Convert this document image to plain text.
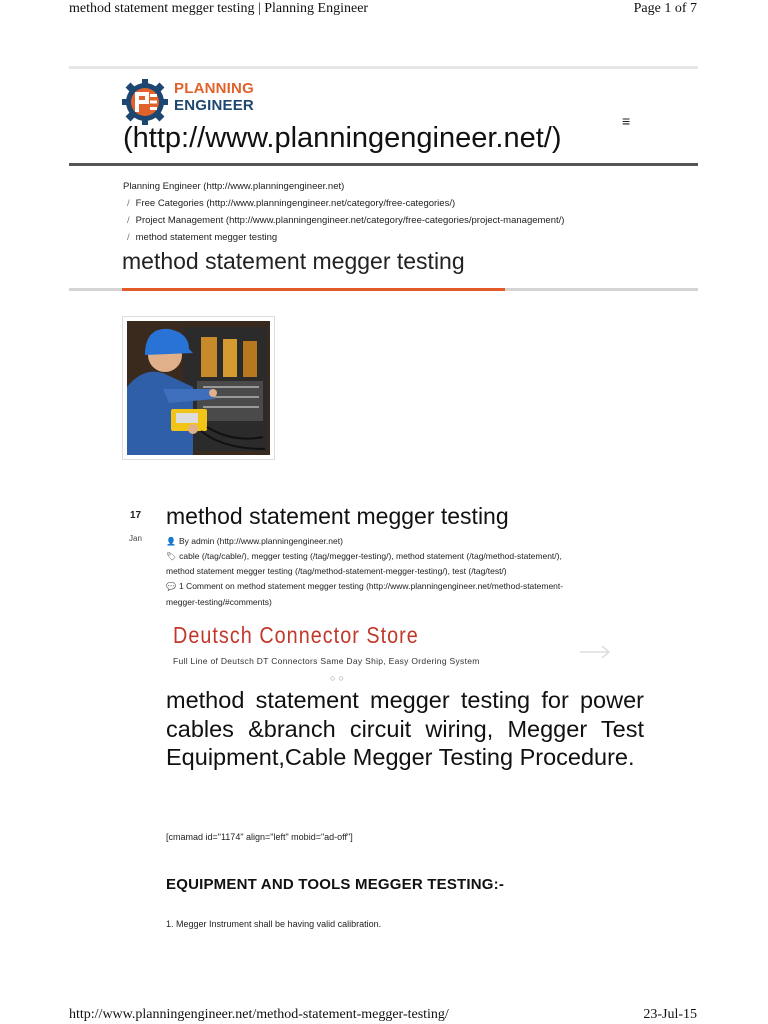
method statement megger testing | Planning Engineer	Page 1 of 7
PLANNING
ENGINEER
(http://www.planningengineer.net/)
≡
Planning Engineer (http://www.planningengineer.net)
/ Free Categories (http://www.planningengineer.net/category/free-categories/)
/ Project Management (http://www.planningengineer.net/category/free-categories/project-management/)
/ method statement megger testing
method statement megger testing
17
Jan
method statement megger testing
👤 By admin (http://www.planningengineer.net)
🏷 cable (/tag/cable/), megger testing (/tag/megger-testing/), method statement (/tag/method-statement/),
method statement megger testing (/tag/method-statement-megger-testing/), test (/tag/test/)
💬 1 Comment on method statement megger testing (http://www.planningengineer.net/method-statement-
megger-testing/#comments)
Deutsch Connector Store
Full Line of Deutsch DT Connectors Same Day Ship, Easy Ordering System
○○
method statement megger testing for power cables &branch circuit wiring, Megger Test Equipment,Cable Megger Testing Procedure.
[cmamad id="1174" align="left" mobid="ad-off"]
EQUIPMENT AND TOOLS MEGGER TESTING:-
1. Megger Instrument shall be having valid calibration.
http://www.planningengineer.net/method-statement-megger-testing/	23-Jul-15
